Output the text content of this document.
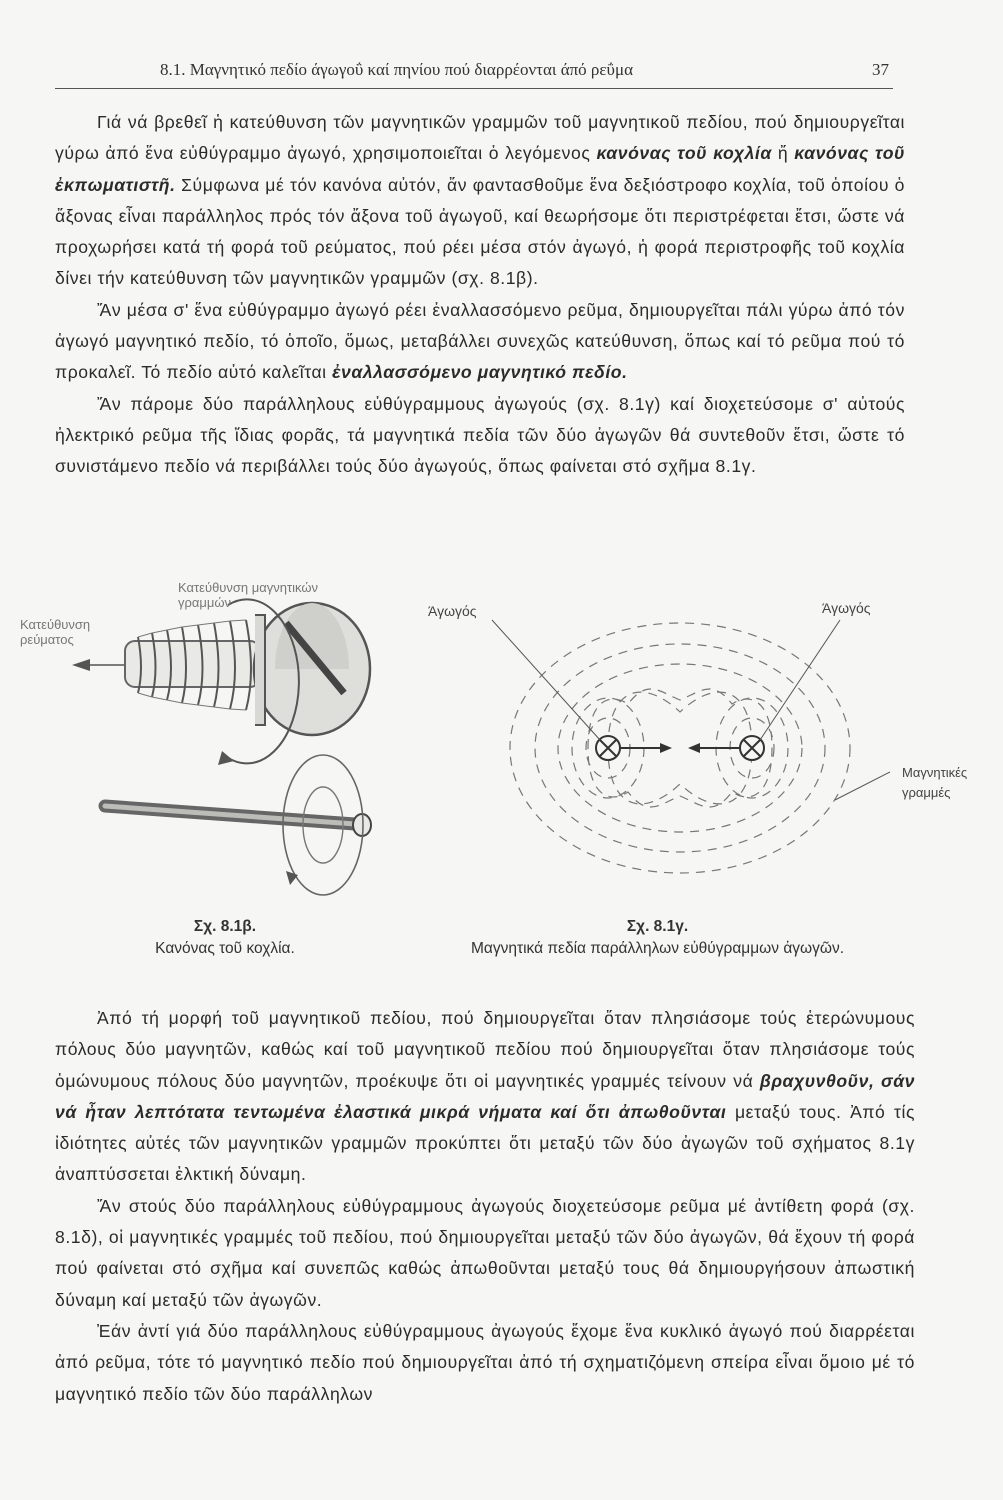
8.1. Μαγνητικό πεδίο άγωγοΰ καί πηνίου πού διαρρέονται άπό ρεΰμα	37

Γιά νά βρεθεῖ ἡ κατεύθυνση τῶν μαγνητικῶν γραμμῶν τοῦ μαγνητικοῦ πεδίου, πού δημιουργεῖται γύρω ἀπό ἕνα εὐθύγραμμο ἀγωγό, χρησιμοποιεῖται ὁ λεγόμενος κανόνας τοῦ κοχλία ἤ κανόνας τοῦ ἐκπωματιστῆ. Σύμφωνα μέ τόν κανόνα αὐτόν, ἄν φαντασθοῦμε ἕνα δεξιόστροφο κοχλία, τοῦ ὁποίου ὁ ἄξονας εἶναι παράλληλος πρός τόν ἄξονα τοῦ ἀγωγοῦ, καί θεωρήσομε ὅτι περιστρέφεται ἔτσι, ὥστε νά προχωρήσει κατά τή φορά τοῦ ρεύματος, πού ρέει μέσα στόν ἀγωγό, ἡ φορά περιστροφῆς τοῦ κοχλία δίνει τήν κατεύθυνση τῶν μαγνητικῶν γραμμῶν (σχ. 8.1β).

Ἄν μέσα σ' ἕνα εὐθύγραμμο ἀγωγό ρέει ἐναλλασσόμενο ρεῦμα, δημιουργεῖται πάλι γύρω ἀπό τόν ἀγωγό μαγνητικό πεδίο, τό ὁποῖο, ὅμως, μεταβάλλει συνεχῶς κατεύθυνση, ὅπως καί τό ρεῦμα πού τό προκαλεῖ. Τό πεδίο αὐτό καλεῖται ἐναλλασσόμενο μαγνητικό πεδίο.

Ἄν πάρομε δύο παράλληλους εὐθύγραμμους ἀγωγούς (σχ. 8.1γ) καί διοχετεύσομε σ' αὐτούς ἠλεκτρικό ρεῦμα τῆς ἴδιας φορᾶς, τά μαγνητικά πεδία τῶν δύο ἀγωγῶν θά συντεθοῦν ἔτσι, ὥστε τό συνιστάμενο πεδίο νά περιβάλλει τούς δύο ἀγωγούς, ὅπως φαίνεται στό σχῆμα 8.1γ.

Κατεύθυνση μαγνητικών γραμμών
Κατεύθυνση ρεύματος
Σχ. 8.1β.
Κανόνας τοῦ κοχλία.
Άγωγός	Άγωγός
Μαγνητικές γραμμές
Σχ. 8.1γ.
Μαγνητικά πεδία παράλληλων εὐθύγραμμων ἀγωγῶν.

Ἀπό τή μορφή τοῦ μαγνητικοῦ πεδίου, πού δημιουργεῖται ὅταν πλησιάσομε τούς ἑτερώνυμους πόλους δύο μαγνητῶν, καθώς καί τοῦ μαγνητικοῦ πεδίου πού δημιουργεῖται ὅταν πλησιάσομε τούς ὁμώνυμους πόλους δύο μαγνητῶν, προέκυψε ὅτι οἱ μαγνητικές γραμμές τείνουν νά βραχυνθοῦν, σάν νά ἦταν λεπτότατα τεντωμένα ἐλαστικά μικρά νήματα καί ὅτι ἀπωθοῦνται μεταξύ τους. Ἀπό τίς ἰδιότητες αὐτές τῶν μαγνητικῶν γραμμῶν προκύπτει ὅτι μεταξύ τῶν δύο ἀγωγῶν τοῦ σχήματος 8.1γ ἀναπτύσσεται ἑλκτική δύναμη.

Ἄν στούς δύο παράλληλους εὐθύγραμμους ἀγωγούς διοχετεύσομε ρεῦμα μέ ἀντίθετη φορά (σχ. 8.1δ), οἱ μαγνητικές γραμμές τοῦ πεδίου, πού δημιουργεῖται μεταξύ τῶν δύο ἀγωγῶν, θά ἔχουν τή φορά πού φαίνεται στό σχῆμα καί συνεπῶς καθώς ἀπωθοῦνται μεταξύ τους θά δημιουργήσουν ἀπωστική δύναμη καί μεταξύ τῶν ἀγωγῶν.

Ἐάν ἀντί γιά δύο παράλληλους εὐθύγραμμους ἀγωγούς ἔχομε ἕνα κυκλικό ἀγωγό πού διαρρέεται ἀπό ρεῦμα, τότε τό μαγνητικό πεδίο πού δημιουργεῖται ἀπό τή σχηματιζόμενη σπείρα εἶναι ὅμοιο μέ τό μαγνητικό πεδίο τῶν δύο παράλληλων
